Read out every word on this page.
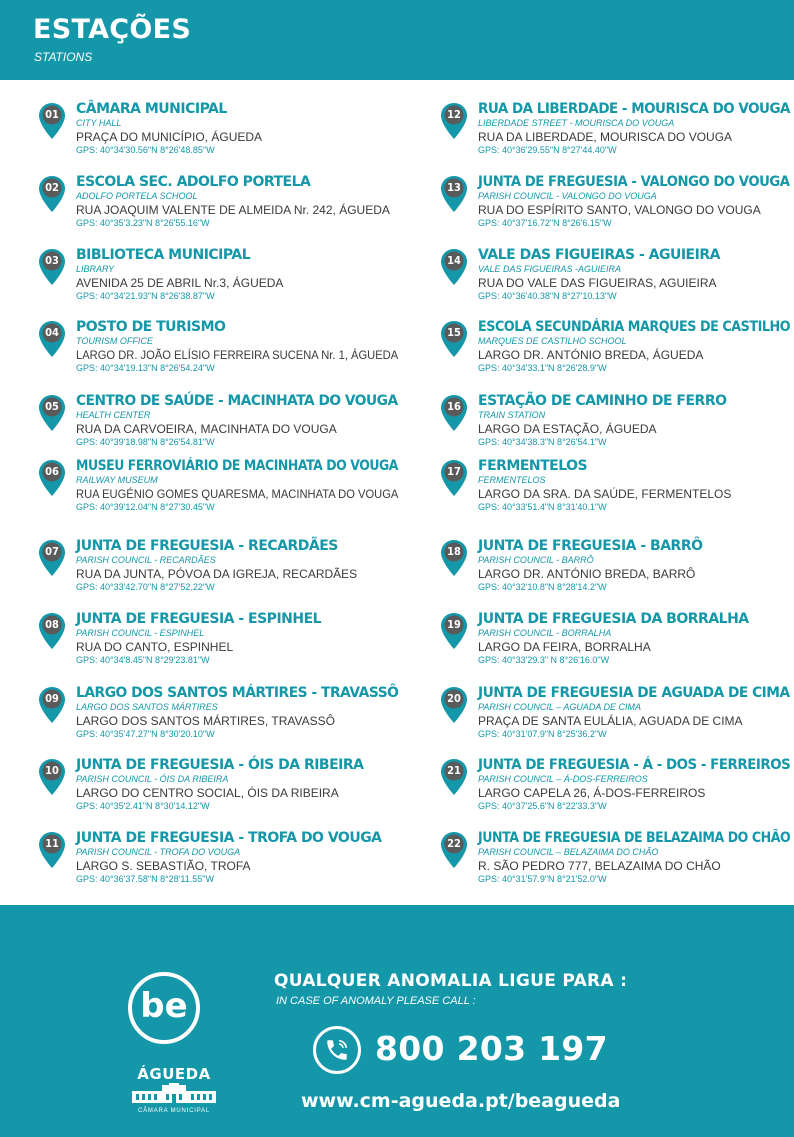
ESTAÇÕES
STATIONS
01	CÂMARA MUNICIPAL
CITY HALL
PRAÇA DO MUNICÍPIO, ÁGUEDA
GPS: 40°34'30.56"N 8°26'48.85"W
02	ESCOLA SEC. ADOLFO PORTELA
ADOLFO PORTELA SCHOOL
RUA JOAQUIM VALENTE DE ALMEIDA Nr. 242, ÁGUEDA
GPS: 40°35'3.23"N 8°26'55.16"W
03	BIBLIOTECA MUNICIPAL
LIBRARY
AVENIDA 25 DE ABRIL Nr.3, ÁGUEDA
GPS: 40°34'21.93"N 8°26'38.87"W
04	POSTO DE TURISMO
TOURISM OFFICE
LARGO DR. JOÃO ELÍSIO FERREIRA SUCENA Nr. 1, ÁGUEDA
GPS: 40°34'19.13"N 8°26'54.24"W
05	CENTRO DE SAÚDE - MACINHATA DO VOUGA
HEALTH CENTER
RUA DA CARVOEIRA, MACINHATA DO VOUGA
GPS: 40°39'18.98"N 8°26'54.81"W
06	MUSEU FERROVIÁRIO DE MACINHATA DO VOUGA
RAILWAY MUSEUM
RUA EUGÉNIO GOMES QUARESMA, MACINHATA DO VOUGA
GPS: 40°39'12.04"N 8°27'30.45"W
07	JUNTA DE FREGUESIA - RECARDÃES
PARISH COUNCIL - RECARDÃES
RUA DA JUNTA, PÓVOA DA IGREJA, RECARDÃES
GPS: 40°33'42.70"N 8°27'52.22"W
08	JUNTA DE FREGUESIA - ESPINHEL
PARISH COUNCIL - ESPINHEL
RUA DO CANTO, ESPINHEL
GPS: 40°34'8.45"N 8°29'23.81"W
09	LARGO DOS SANTOS MÁRTIRES - TRAVASSÔ
LARGO DOS SANTOS MÁRTIRES
LARGO DOS SANTOS MÁRTIRES, TRAVASSÔ
GPS: 40°35'47.27"N 8°30'20.10"W
10	JUNTA DE FREGUESIA - ÓIS DA RIBEIRA
PARISH COUNCIL - ÓIS DA RIBEIRA
LARGO DO CENTRO SOCIAL, ÓIS DA RIBEIRA
GPS: 40°35'2.41"N 8°30'14.12"W
11	JUNTA DE FREGUESIA - TROFA DO VOUGA
PARISH COUNCIL - TROFA DO VOUGA
LARGO S. SEBASTIÃO, TROFA
GPS: 40°36'37.58"N 8°28'11.55"W
12	RUA DA LIBERDADE - MOURISCA DO VOUGA
LIBERDADE STREET - MOURISCA DO VOUGA
RUA DA LIBERDADE, MOURISCA DO VOUGA
GPS: 40°36'29.55"N 8°27'44.40"W
13	JUNTA DE FREGUESIA - VALONGO DO VOUGA
PARISH COUNCIL - VALONGO DO VOUGA
RUA DO ESPÍRITO SANTO, VALONGO DO VOUGA
GPS: 40°37'16.72"N 8°26'6.15"W
14	VALE DAS FIGUEIRAS - AGUIEIRA
VALE DAS FIGUEIRAS -AGUIEIRA
RUA DO VALE DAS FIGUEIRAS, AGUIEIRA
GPS: 40°36'40.38"N 8°27'10.13"W
15	ESCOLA SECUNDÁRIA MARQUES DE CASTILHO
MARQUES DE CASTILHO SCHOOL
LARGO DR. ANTÓNIO BREDA, ÁGUEDA
GPS: 40°34'33.1"N 8°26'28.9"W
16	ESTAÇÃO DE CAMINHO DE FERRO
TRAIN STATION
LARGO DA ESTAÇÃO, ÁGUEDA
GPS: 40°34'38.3"N 8°26'54.1"W
17	FERMENTELOS
FERMENTELOS
LARGO DA SRA. DA SAÚDE, FERMENTELOS
GPS: 40°33'51.4"N 8°31'40.1"W
18	JUNTA DE FREGUESIA - BARRÔ
PARISH COUNCIL - BARRÔ
LARGO DR. ANTÓNIO BREDA, BARRÔ
GPS: 40°32'10.8"N 8°28'14.2"W
19	JUNTA DE FREGUESIA DA BORRALHA
PARISH COUNCIL - BORRALHA
LARGO DA FEIRA, BORRALHA
GPS: 40°33'29.3" N 8°26'16.0"W
20	JUNTA DE FREGUESIA DE AGUADA DE CIMA
PARISH COUNCIL – AGUADA DE CIMA
PRAÇA DE SANTA EULÁLIA, AGUADA DE CIMA
GPS: 40°31'07.9"N 8°25'36.2"W
21	JUNTA DE FREGUESIA - Á - DOS - FERREIROS
PARISH COUNCIL – Á-DOS-FERREIROS
LARGO CAPELA 26, Á-DOS-FERREIROS
GPS: 40°37'25.6"N 8°22'33.3"W
22	JUNTA DE FREGUESIA DE BELAZAIMA DO CHÃO
PARISH COUNCIL – BELAZAIMA DO CHÃO
R. SÃO PEDRO 777, BELAZAIMA DO CHÃO
GPS: 40°31'57.9"N 8°21'52.0"W
be
ÁGUEDA
CÂMARA MUNICIPAL
QUALQUER ANOMALIA LIGUE PARA :
IN CASE OF ANOMALY PLEASE CALL :
800 203 197
www.cm-agueda.pt/beagueda
